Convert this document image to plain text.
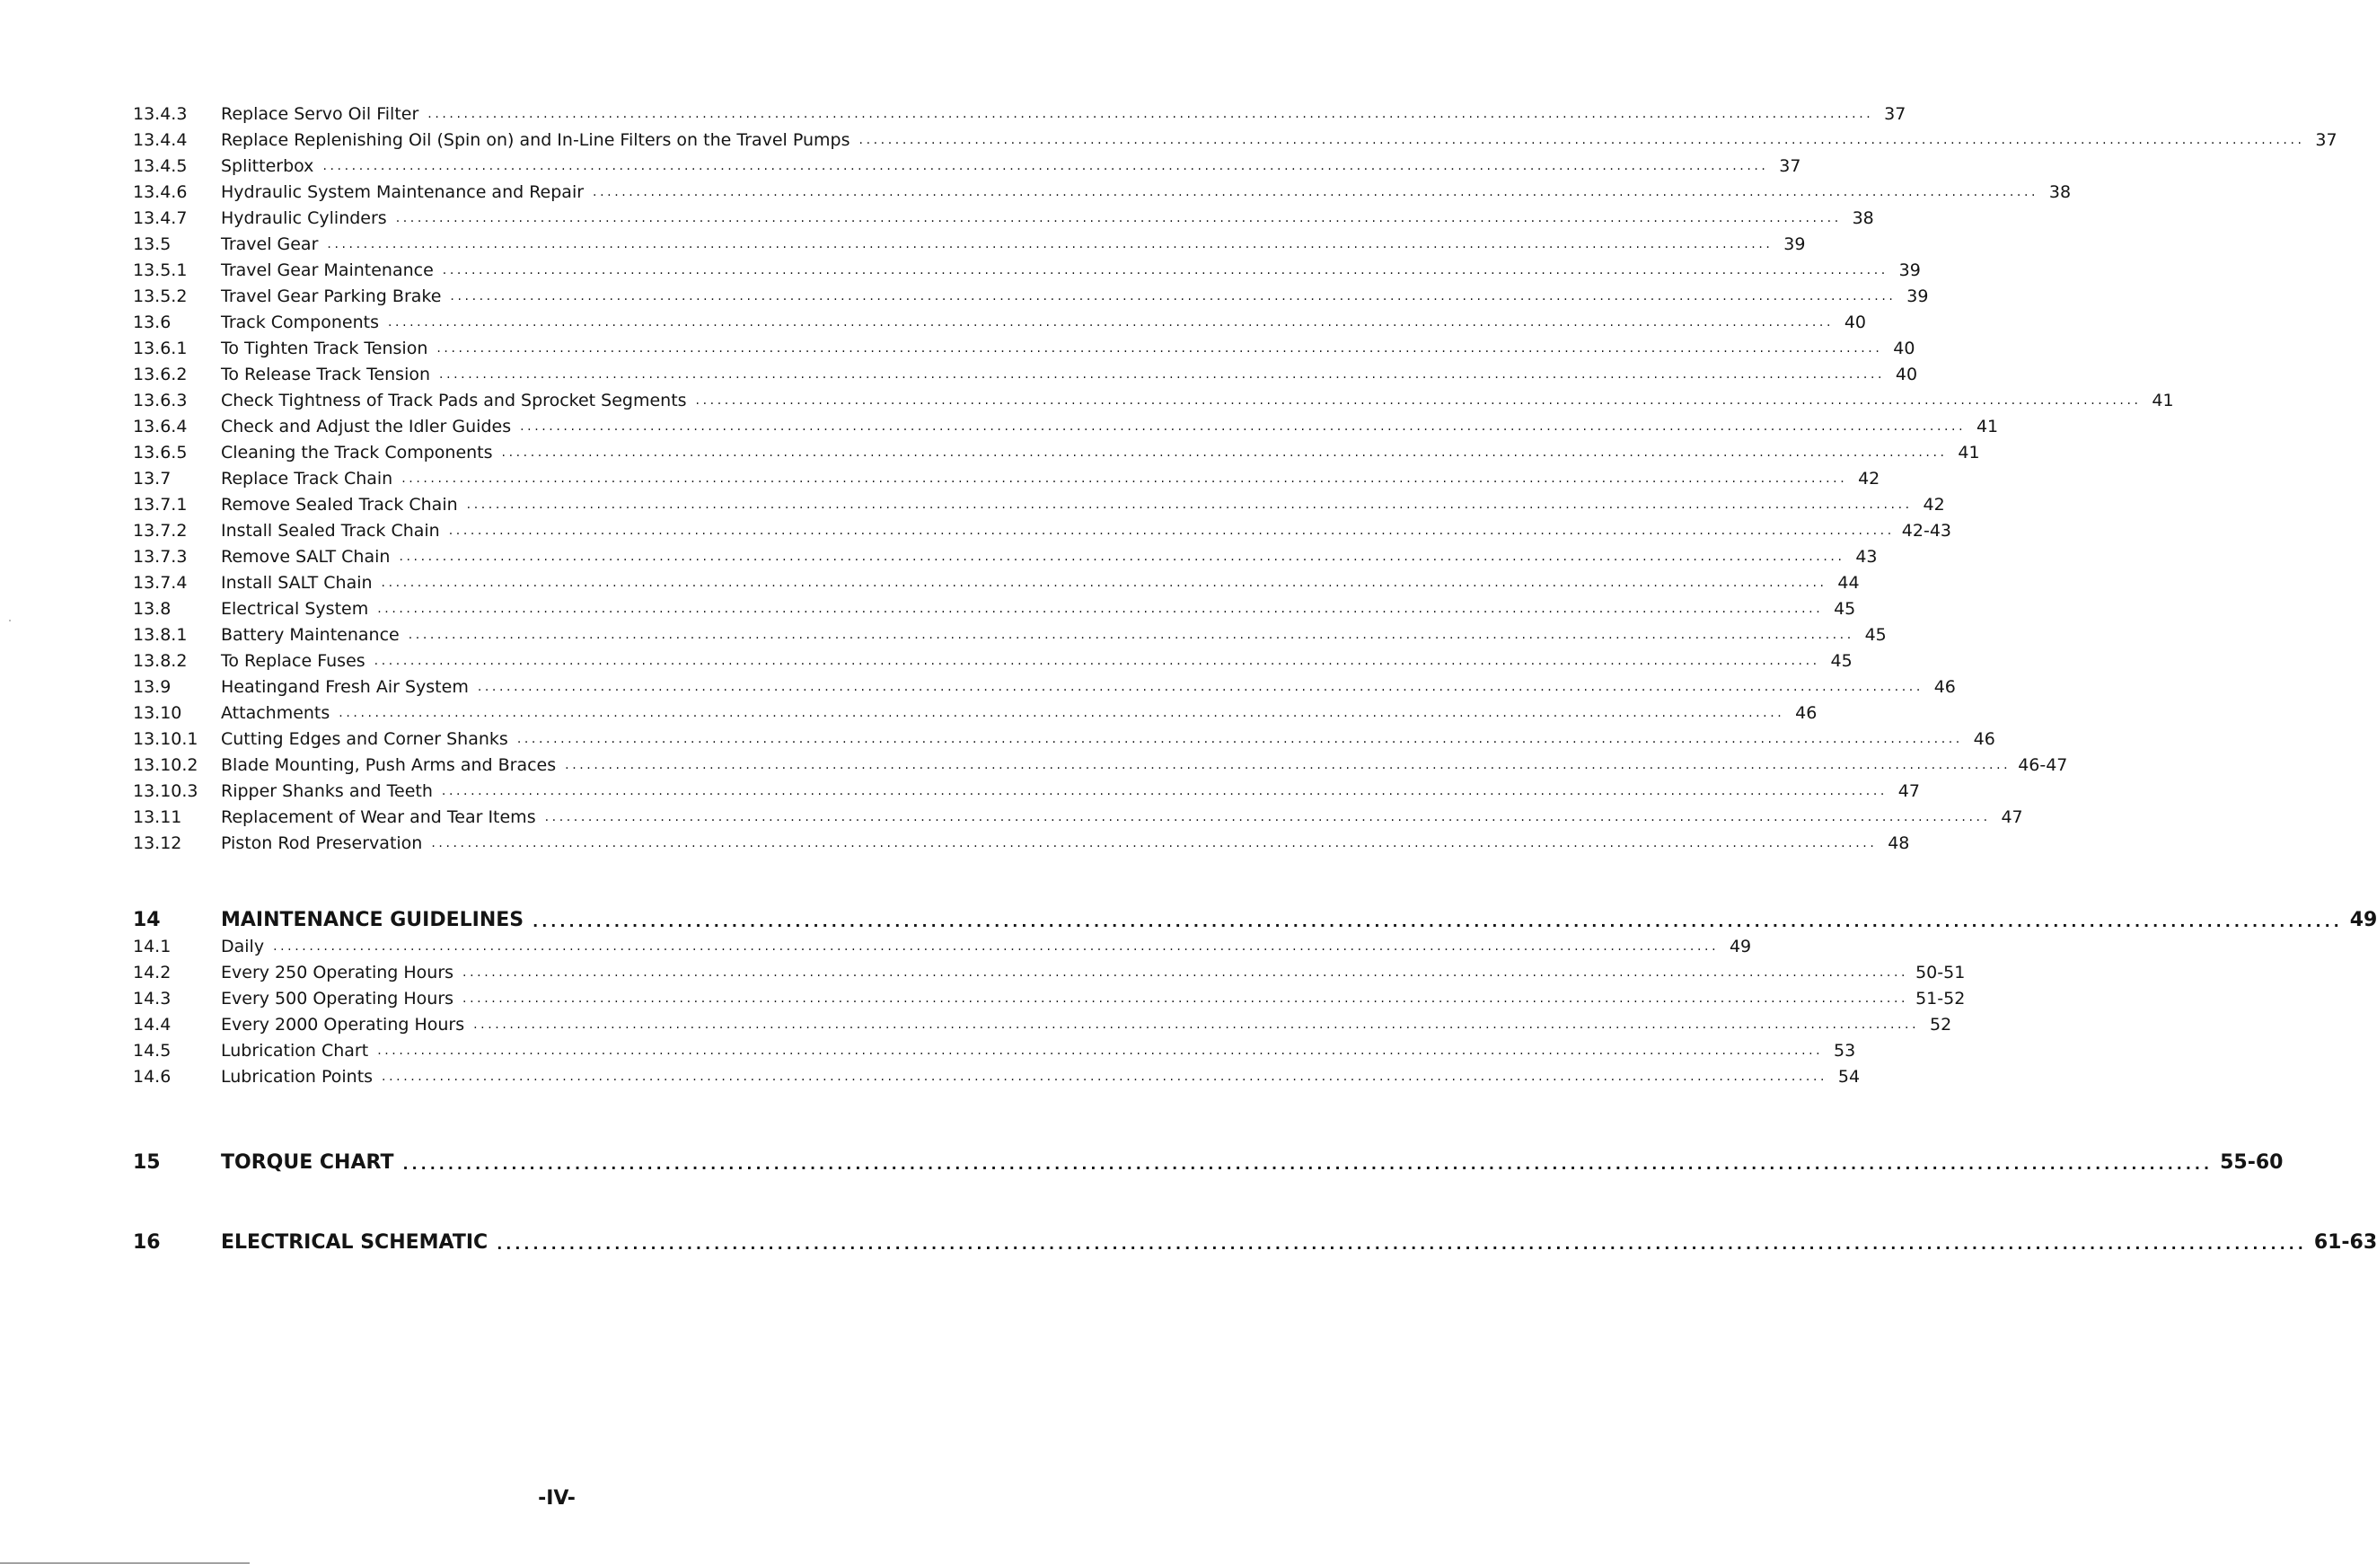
13.4.3	Replace Servo Oil Filter ........................................................................................................................................................................................................ 37
13.4.4	Replace Replenishing Oil (Spin on) and In-Line Filters on the Travel Pumps ........................................................................................................................................................................................................ 37
13.4.5	Splitterbox ........................................................................................................................................................................................................ 37
13.4.6	Hydraulic System Maintenance and Repair ........................................................................................................................................................................................................ 38
13.4.7	Hydraulic Cylinders ........................................................................................................................................................................................................ 38
13.5	Travel Gear ........................................................................................................................................................................................................ 39
13.5.1	Travel Gear Maintenance ........................................................................................................................................................................................................ 39
13.5.2	Travel Gear Parking Brake ........................................................................................................................................................................................................ 39
13.6	Track Components ........................................................................................................................................................................................................ 40
13.6.1	To Tighten Track Tension ........................................................................................................................................................................................................ 40
13.6.2	To Release Track Tension ........................................................................................................................................................................................................ 40
13.6.3	Check Tightness of Track Pads and Sprocket Segments ........................................................................................................................................................................................................ 41
13.6.4	Check and Adjust the Idler Guides ........................................................................................................................................................................................................ 41
13.6.5	Cleaning the Track Components ........................................................................................................................................................................................................ 41
13.7	Replace Track Chain ........................................................................................................................................................................................................ 42
13.7.1	Remove Sealed Track Chain ........................................................................................................................................................................................................ 42
13.7.2	Install Sealed Track Chain ........................................................................................................................................................................................................ 42-43
13.7.3	Remove SALT Chain ........................................................................................................................................................................................................ 43
13.7.4	Install SALT Chain ........................................................................................................................................................................................................ 44
13.8	Electrical System ........................................................................................................................................................................................................ 45
13.8.1	Battery Maintenance ........................................................................................................................................................................................................ 45
13.8.2	To Replace Fuses ........................................................................................................................................................................................................ 45
13.9	Heatingand Fresh Air System ........................................................................................................................................................................................................ 46
13.10	Attachments ........................................................................................................................................................................................................ 46
13.10.1	Cutting Edges and Corner Shanks ........................................................................................................................................................................................................ 46
13.10.2	Blade Mounting, Push Arms and Braces ........................................................................................................................................................................................................ 46-47
13.10.3	Ripper Shanks and Teeth ........................................................................................................................................................................................................ 47
13.11	Replacement of Wear and Tear Items ........................................................................................................................................................................................................ 47
13.12	Piston Rod Preservation ........................................................................................................................................................................................................ 48
14	MAINTENANCE GUIDELINES ........................................................................................................................................................................................................ 49
14.1	Daily ........................................................................................................................................................................................................ 49
14.2	Every 250 Operating Hours ........................................................................................................................................................................................................ 50-51
14.3	Every 500 Operating Hours ........................................................................................................................................................................................................ 51-52
14.4	Every 2000 Operating Hours ........................................................................................................................................................................................................ 52
14.5	Lubrication Chart ........................................................................................................................................................................................................ 53
14.6	Lubrication Points ........................................................................................................................................................................................................ 54
15	TORQUE CHART ........................................................................................................................................................................................................ 55-60
16	ELECTRICAL SCHEMATIC ........................................................................................................................................................................................................ 61-63
-IV-
